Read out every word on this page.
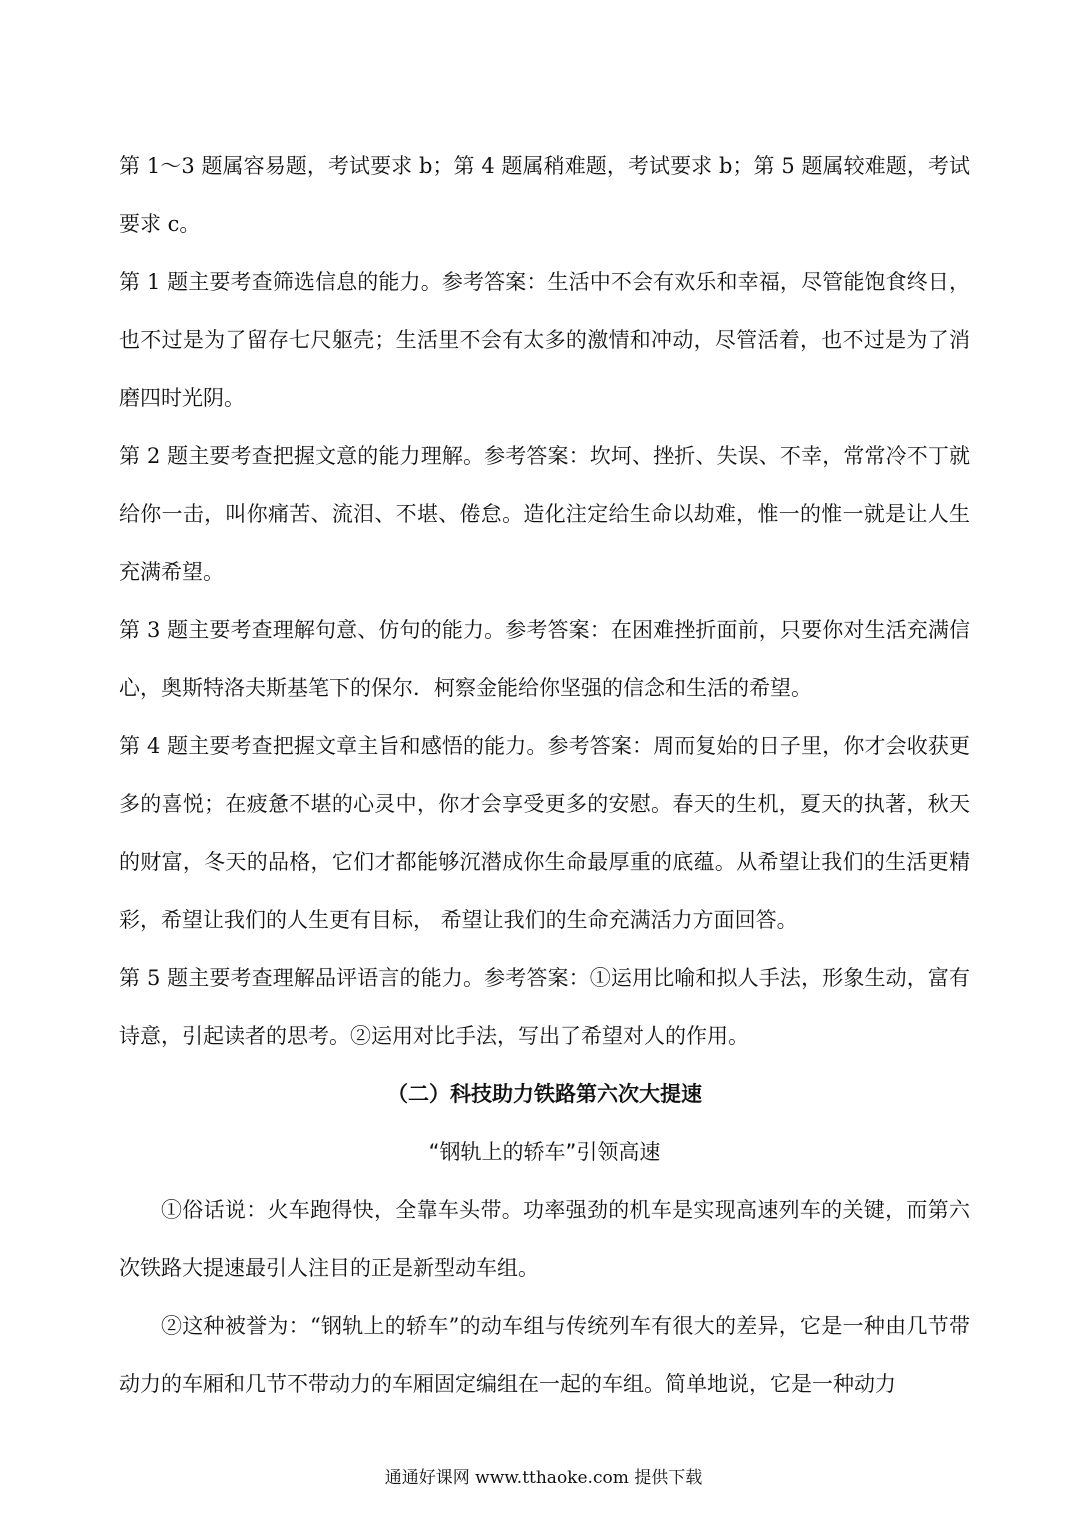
第 1～3 题属容易题，考试要求 b；第 4 题属稍难题，考试要求 b；第 5 题属较难题，考试要求 c。

第 1 题主要考查筛选信息的能力。参考答案：生活中不会有欢乐和幸福，尽管能饱食终日，也不过是为了留存七尺躯壳；生活里不会有太多的激情和冲动，尽管活着，也不过是为了消磨四时光阴。

第 2 题主要考查把握文意的能力理解。参考答案：坎坷、挫折、失误、不幸，常常冷不丁就给你一击，叫你痛苦、流泪、不堪、倦怠。造化注定给生命以劫难，惟一的惟一就是让人生充满希望。

第 3 题主要考查理解句意、仿句的能力。参考答案：在困难挫折面前，只要你对生活充满信心，奥斯特洛夫斯基笔下的保尔．柯察金能给你坚强的信念和生活的希望。

第 4 题主要考查把握文章主旨和感悟的能力。参考答案：周而复始的日子里，你才会收获更多的喜悦；在疲惫不堪的心灵中，你才会享受更多的安慰。春天的生机，夏天的执著，秋天的财富，冬天的品格，它们才都能够沉潜成你生命最厚重的底蕴。从希望让我们的生活更精彩，希望让我们的人生更有目标， 希望让我们的生命充满活力方面回答。

第 5 题主要考查理解品评语言的能力。参考答案：①运用比喻和拟人手法，形象生动，富有诗意，引起读者的思考。②运用对比手法，写出了希望对人的作用。

（二）科技助力铁路第六次大提速

“钢轨上的轿车”引领高速

①俗话说：火车跑得快，全靠车头带。功率强劲的机车是实现高速列车的关键，而第六次铁路大提速最引人注目的正是新型动车组。

②这种被誉为：“钢轨上的轿车”的动车组与传统列车有很大的差异，它是一种由几节带动力的车厢和几节不带动力的车厢固定编组在一起的车组。简单地说，它是一种动力

通通好课网 www.tthaoke.com 提供下载
